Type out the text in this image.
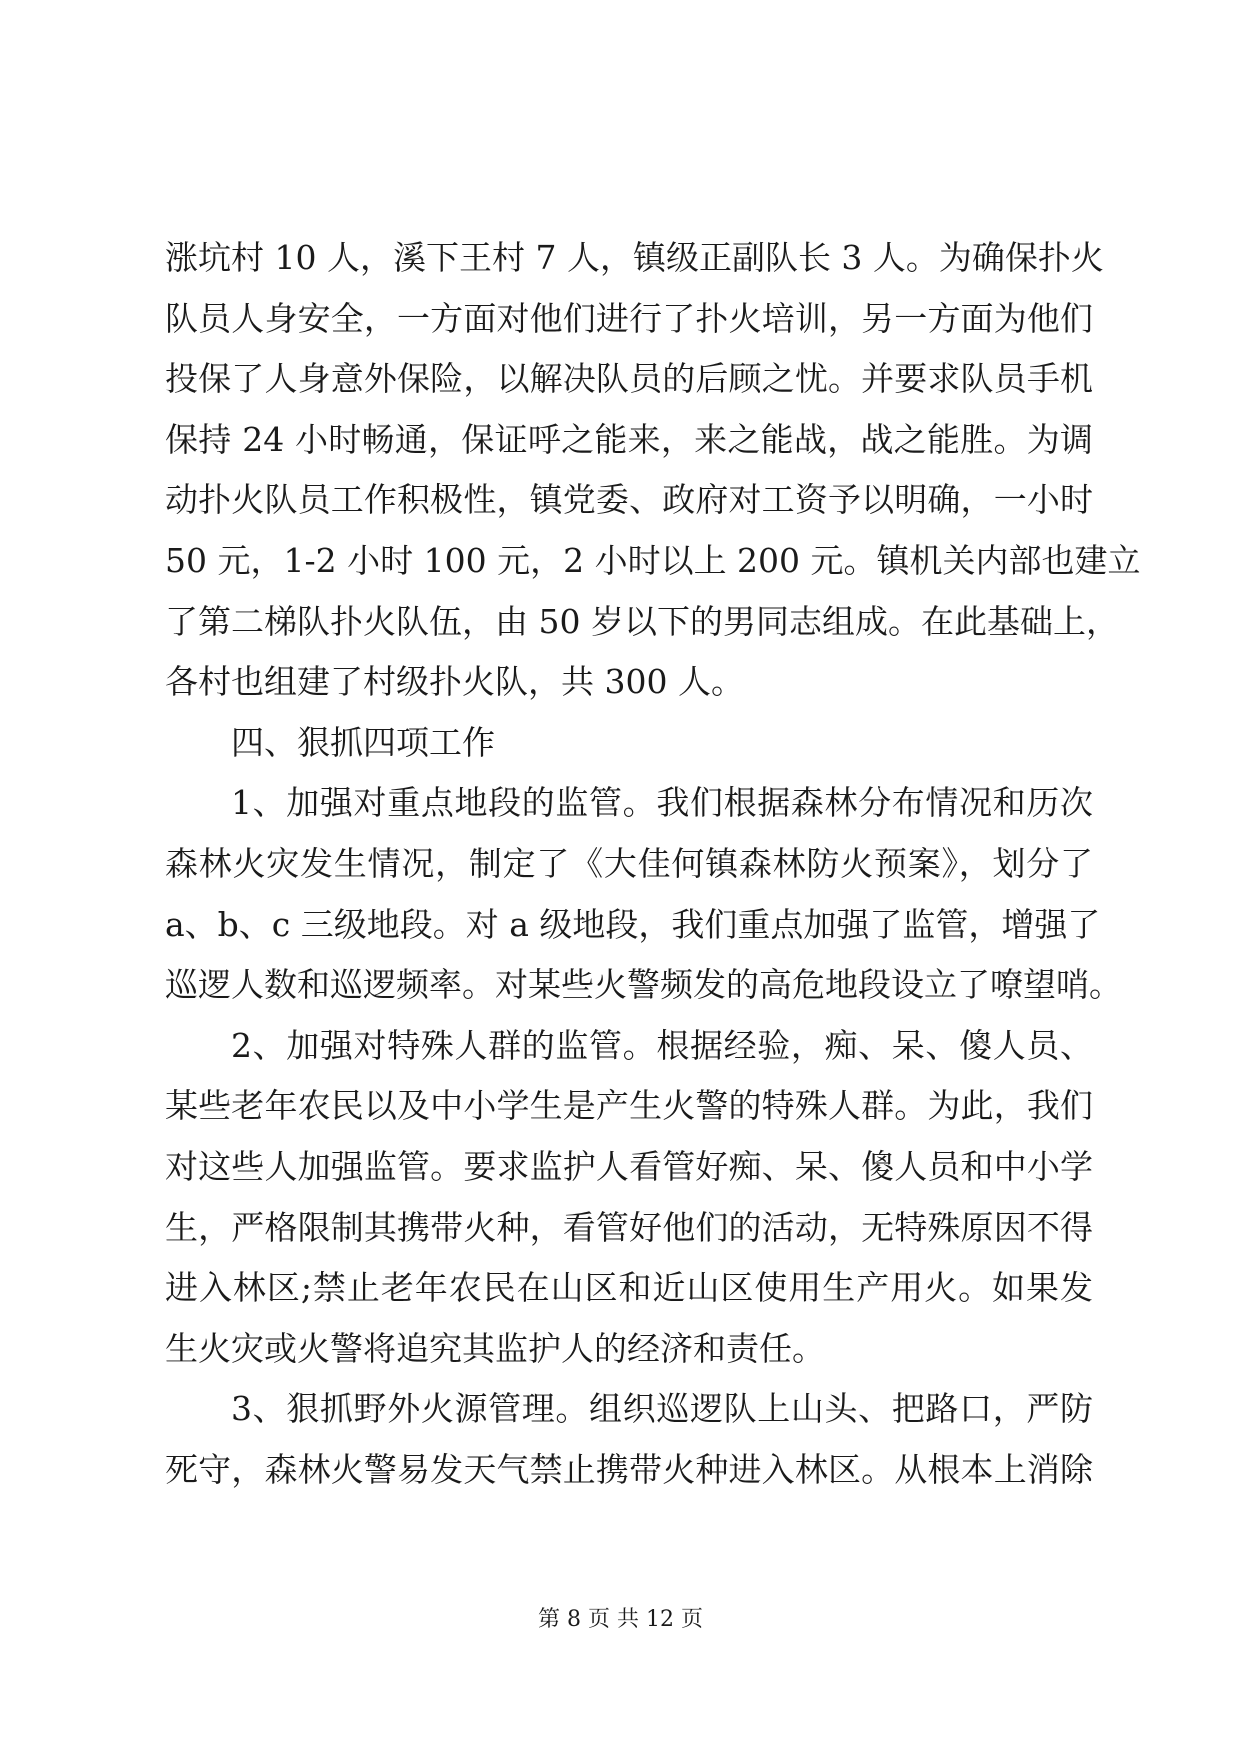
涨坑村 10 人，溪下王村 7 人，镇级正副队长 3 人。为确保扑火
队员人身安全，一方面对他们进行了扑火培训，另一方面为他们
投保了人身意外保险，以解决队员的后顾之忧。并要求队员手机
保持 24 小时畅通，保证呼之能来，来之能战，战之能胜。为调
动扑火队员工作积极性，镇党委、政府对工资予以明确，一小时
50 元，1-2 小时 100 元，2 小时以上 200 元。镇机关内部也建立
了第二梯队扑火队伍，由 50 岁以下的男同志组成。在此基础上，
各村也组建了村级扑火队，共 300 人。
四、狠抓四项工作
1、加强对重点地段的监管。我们根据森林分布情况和历次
森林火灾发生情况，制定了《大佳何镇森林防火预案》，划分了
a、b、c 三级地段。对 a 级地段，我们重点加强了监管，增强了
巡逻人数和巡逻频率。对某些火警频发的高危地段设立了嘹望哨。
2、加强对特殊人群的监管。根据经验，痴、呆、傻人员、
某些老年农民以及中小学生是产生火警的特殊人群。为此，我们
对这些人加强监管。要求监护人看管好痴、呆、傻人员和中小学
生，严格限制其携带火种，看管好他们的活动，无特殊原因不得
进入林区;禁止老年农民在山区和近山区使用生产用火。如果发
生火灾或火警将追究其监护人的经济和责任。
3、狠抓野外火源管理。组织巡逻队上山头、把路口，严防
死守，森林火警易发天气禁止携带火种进入林区。从根本上消除
第 8 页 共 12 页
